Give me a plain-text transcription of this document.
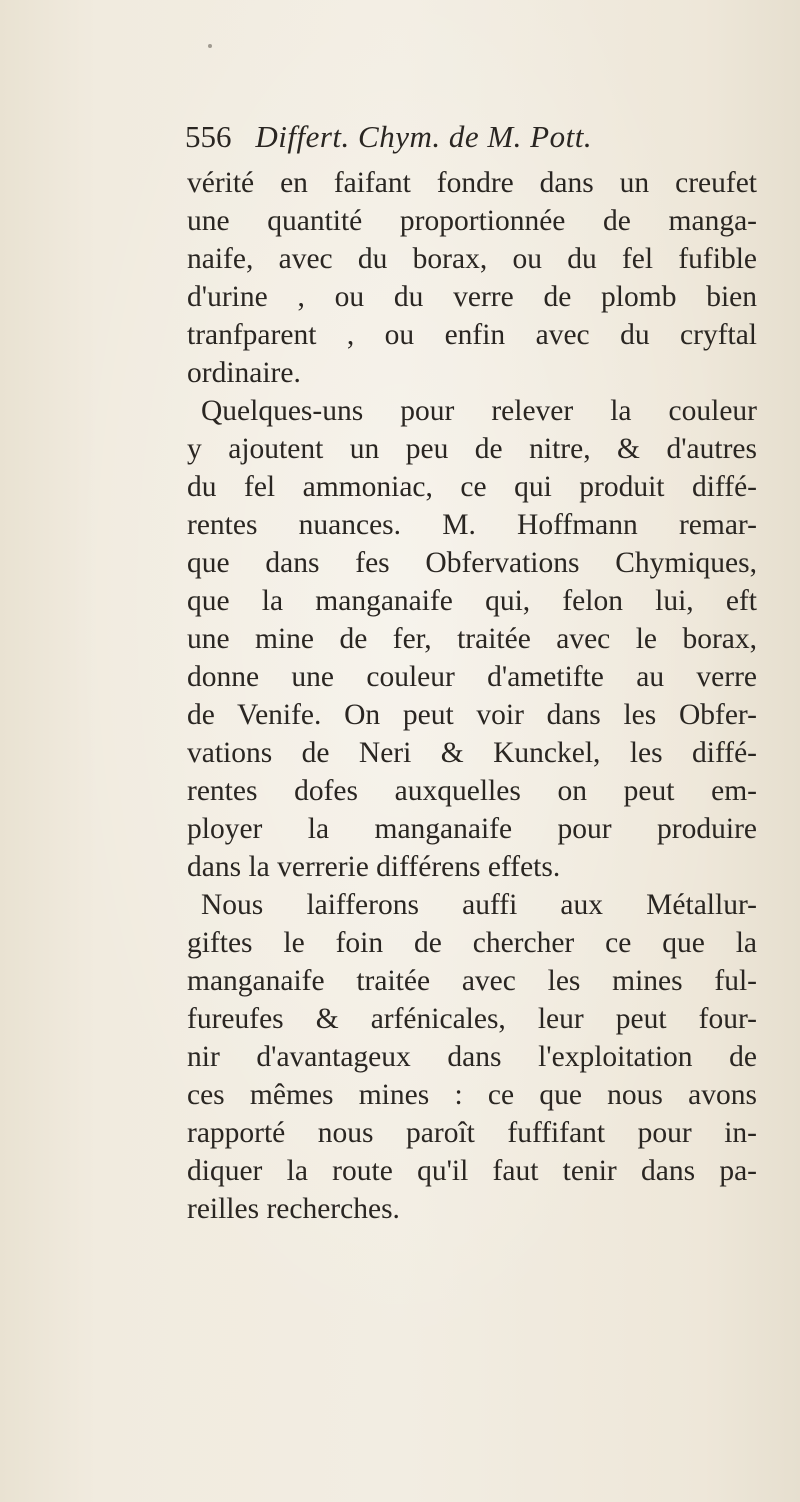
556 Differt. Chym. de M. Pott.
vérité en faifant fondre dans un creufet
une quantité proportionnée de manga-
naife, avec du borax, ou du fel fufible
d'urine , ou du verre de plomb bien
tranfparent , ou enfin avec du cryftal
ordinaire.
Quelques-uns pour relever la couleur
y ajoutent un peu de nitre, & d'autres
du fel ammoniac, ce qui produit diffé-
rentes nuances. M. Hoffmann remar-
que dans fes Obfervations Chymiques,
que la manganaife qui, felon lui, eft
une mine de fer, traitée avec le borax,
donne une couleur d'ametifte au verre
de Venife. On peut voir dans les Obfer-
vations de Neri & Kunckel, les diffé-
rentes dofes auxquelles on peut em-
ployer la manganaife pour produire
dans la verrerie différens effets.
Nous laifferons auffi aux Métallur-
giftes le foin de chercher ce que la
manganaife traitée avec les mines ful-
fureufes & arfénicales, leur peut four-
nir d'avantageux dans l'exploitation de
ces mêmes mines : ce que nous avons
rapporté nous paroît fuffifant pour in-
diquer la route qu'il faut tenir dans pa-
reilles recherches.
